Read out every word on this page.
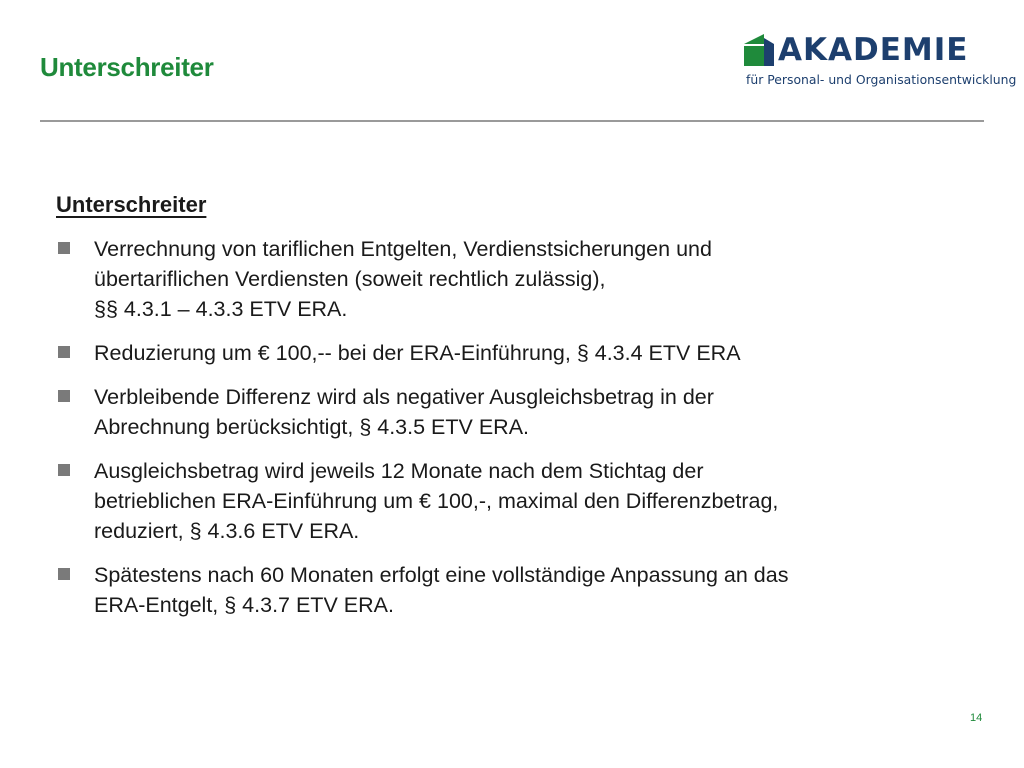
Unterschreiter	AKADEMIE
für Personal- und Organisationsentwicklung
Unterschreiter
Verrechnung von tariflichen Entgelten, Verdienstsicherungen und
übertariflichen Verdiensten (soweit rechtlich zulässig),
§§ 4.3.1 – 4.3.3 ETV ERA.
Reduzierung um € 100,-- bei der ERA-Einführung, § 4.3.4 ETV ERA
Verbleibende Differenz wird als negativer Ausgleichsbetrag in der
Abrechnung berücksichtigt, § 4.3.5 ETV ERA.
Ausgleichsbetrag wird jeweils 12 Monate nach dem Stichtag der
betrieblichen ERA-Einführung um € 100,-, maximal den Differenzbetrag,
reduziert, § 4.3.6 ETV ERA.
Spätestens nach 60 Monaten erfolgt eine vollständige Anpassung an das
ERA-Entgelt, § 4.3.7 ETV ERA.
14
